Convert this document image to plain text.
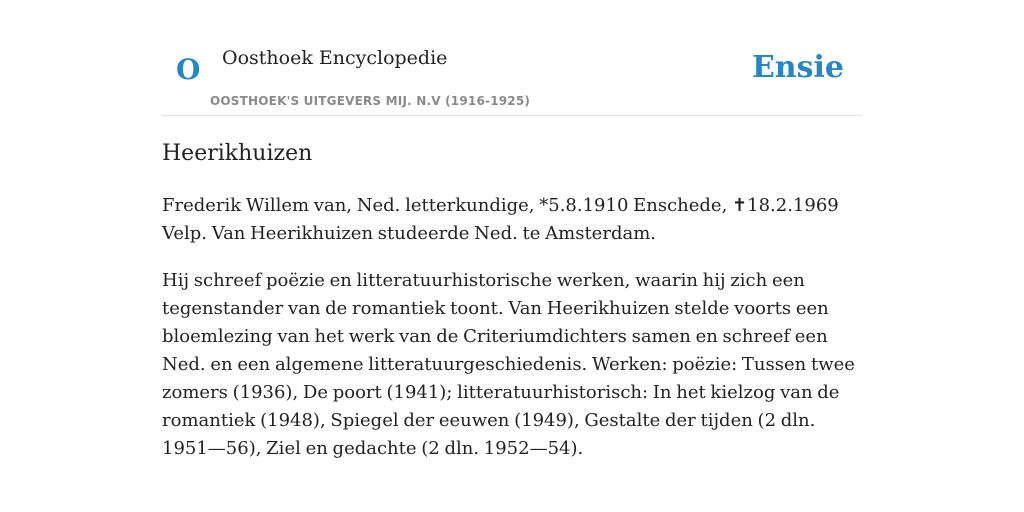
O Oosthoek Encyclopedie
OOSTHOEK'S UITGEVERS MIJ. N.V (1916-1925)
Ensie
Heerikhuizen

Frederik Willem van, Ned. letterkundige, *5.8.1910 Enschede, ✝18.2.1969 Velp. Van Heerikhuizen studeerde Ned. te Amsterdam.

Hij schreef poëzie en litteratuurhistorische werken, waarin hij zich een tegenstander van de romantiek toont. Van Heerikhuizen stelde voorts een bloemlezing van het werk van de Criteriumdichters samen en schreef een Ned. en een algemene litteratuurgeschiedenis. Werken: poëzie: Tussen twee zomers (1936), De poort (1941); litteratuurhistorisch: In het kielzog van de romantiek (1948), Spiegel der eeuwen (1949), Gestalte der tijden (2 dln. 1951—56), Ziel en gedachte (2 dln. 1952—54).
